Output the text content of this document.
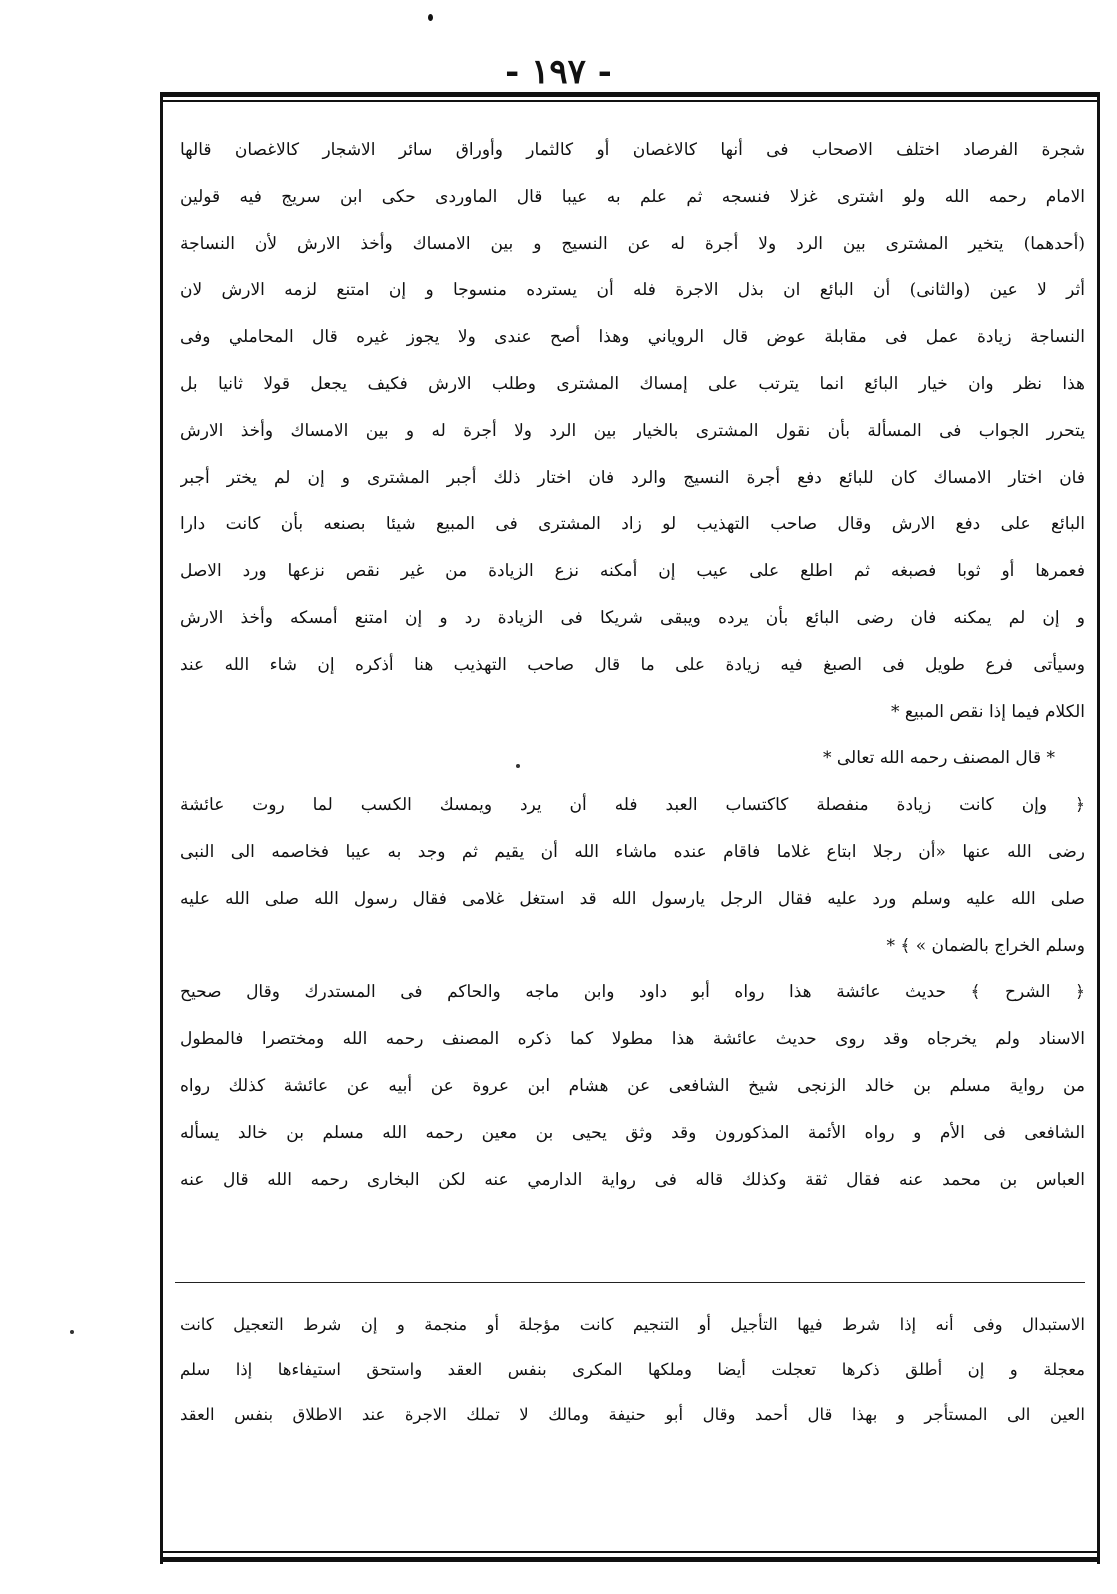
- ١٩٧ -
شجرة الفرصاد اختلف الاصحاب فى أنها كالاغصان أو كالثمار وأوراق سائر الاشجار كالاغصان قالها
الامام رحمه الله ولو اشترى غزلا فنسجه ثم علم به عيبا قال الماوردى حكى ابن سريج فيه قولين
(أحدهما) يتخير المشترى بين الرد ولا أجرة له عن النسيج و بين الامساك وأخذ الارش لأن النساجة
أثر لا عين (والثانى) أن البائع ان بذل الاجرة فله أن يسترده منسوجا و إن امتنع لزمه الارش لان
النساجة زيادة عمل فى مقابلة عوض قال الروياني وهذا أصح عندى ولا يجوز غيره قال المحاملي وفى
هذا نظر وان خيار البائع انما يترتب على إمساك المشترى وطلب الارش فكيف يجعل قولا ثانيا بل
يتحرر الجواب فى المسألة بأن نقول المشترى بالخيار بين الرد ولا أجرة له و بين الامساك وأخذ الارش
فان اختار الامساك كان للبائع دفع أجرة النسيج والرد فان اختار ذلك أجبر المشترى و إن لم يختر أجبر
البائع على دفع الارش وقال صاحب التهذيب لو زاد المشترى فى المبيع شيئا بصنعه بأن كانت دارا
فعمرها أو ثوبا فصبغه ثم اطلع على عيب إن أمكنه نزع الزيادة من غير نقص نزعها ورد الاصل
و إن لم يمكنه فان رضى البائع بأن يرده ويبقى شريكا فى الزيادة رد و إن امتنع أمسكه وأخذ الارش
وسيأتى فرع طويل فى الصبغ فيه زيادة على ما قال صاحب التهذيب هنا أذكره إن شاء الله عند
الكلام فيما إذا نقص المبيع *
* قال المصنف رحمه الله تعالى *
﴿ وإن كانت زيادة منفصلة كاكتساب العبد فله أن يرد ويمسك الكسب لما روت عائشة
رضى الله عنها «أن رجلا ابتاع غلاما فاقام عنده ماشاء الله أن يقيم ثم وجد به عيبا فخاصمه الى النبى
صلى الله عليه وسلم ورد عليه فقال الرجل يارسول الله قد استغل غلامى فقال رسول الله صلى الله عليه
وسلم الخراج بالضمان » ﴾ *
﴿ الشرح ﴾ حديث عائشة هذا رواه أبو داود وابن ماجه والحاكم فى المستدرك وقال صحيح
الاسناد ولم يخرجاه وقد روى حديث عائشة هذا مطولا كما ذكره المصنف رحمه الله ومختصرا فالمطول
من رواية مسلم بن خالد الزنجى شيخ الشافعى عن هشام ابن عروة عن أبيه عن عائشة كذلك رواه
الشافعى فى الأم و رواه الأئمة المذكورون وقد وثق يحيى بن معين رحمه الله مسلم بن خالد يسأله
العباس بن محمد عنه فقال ثقة وكذلك قاله فى رواية الدارمي عنه لكن البخارى رحمه الله قال عنه
الاستبدال وفى أنه إذا شرط فيها التأجيل أو التنجيم كانت مؤجلة أو منجمة و إن شرط التعجيل كانت
معجلة و إن أطلق ذكرها تعجلت أيضا وملكها المكرى بنفس العقد واستحق استيفاءها إذا سلم
العين الى المستأجر و بهذا قال أحمد وقال أبو حنيفة ومالك لا تملك الاجرة عند الاطلاق بنفس العقد
